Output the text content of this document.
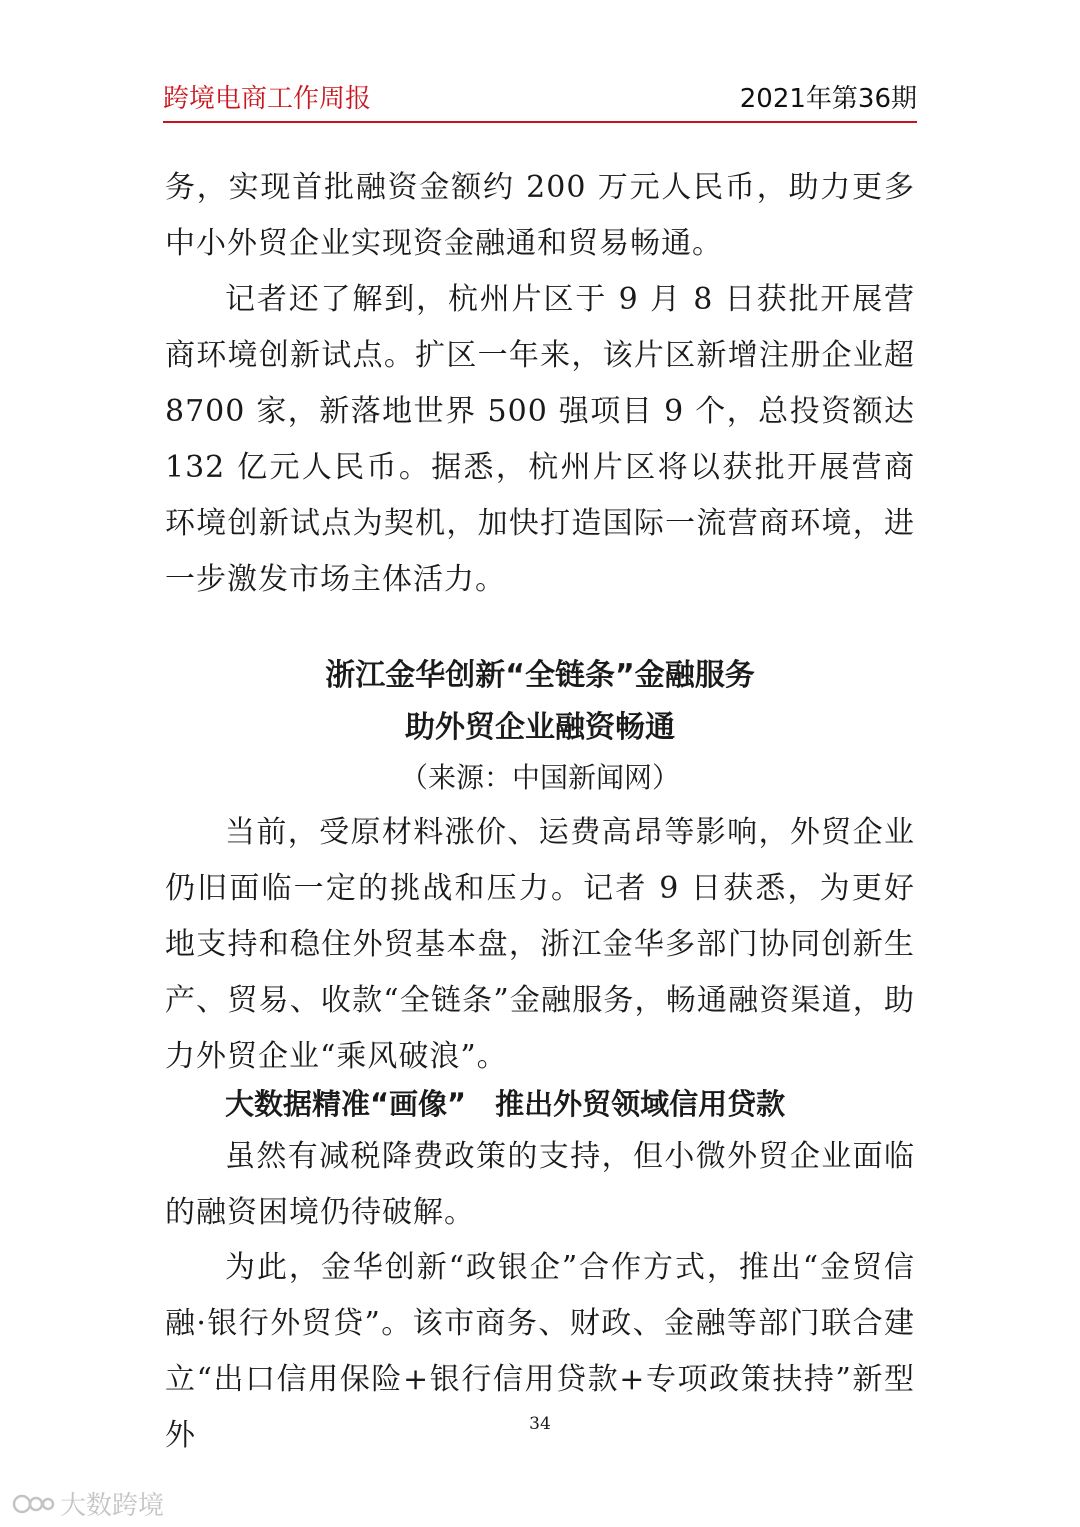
跨境电商工作周报	2021年第36期

务，实现首批融资金额约 200 万元人民币，助力更多中小外贸企业实现资金融通和贸易畅通。

记者还了解到，杭州片区于 9 月 8 日获批开展营商环境创新试点。扩区一年来，该片区新增注册企业超 8700 家，新落地世界 500 强项目 9 个，总投资额达 132 亿元人民币。据悉，杭州片区将以获批开展营商环境创新试点为契机，加快打造国际一流营商环境，进一步激发市场主体活力。

浙江金华创新“全链条”金融服务
助外贸企业融资畅通

（来源：中国新闻网）

当前，受原材料涨价、运费高昂等影响，外贸企业仍旧面临一定的挑战和压力。记者 9 日获悉，为更好地支持和稳住外贸基本盘，浙江金华多部门协同创新生产、贸易、收款“全链条”金融服务，畅通融资渠道，助力外贸企业“乘风破浪”。

大数据精准“画像”　推出外贸领域信用贷款

虽然有减税降费政策的支持，但小微外贸企业面临的融资困境仍待破解。

为此，金华创新“政银企”合作方式，推出“金贸信融·银行外贸贷”。该市商务、财政、金融等部门联合建立“出口信用保险+银行信用贷款+专项政策扶持”新型外	34
大数跨境
